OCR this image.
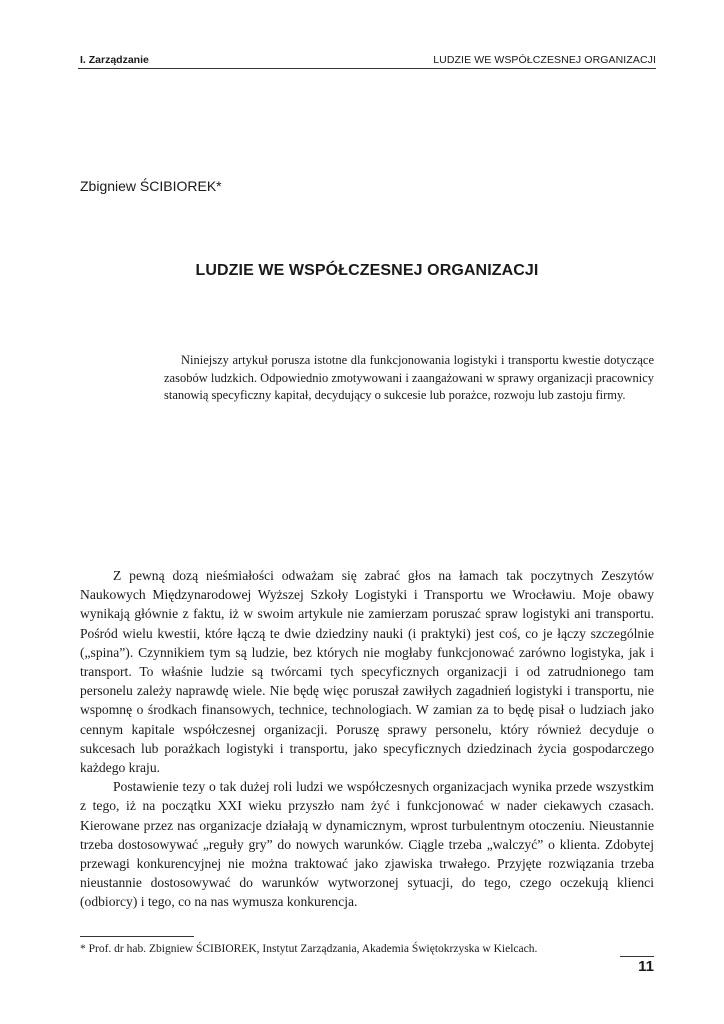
I. Zarządzanie	LUDZIE WE WSPÓŁCZESNEJ ORGANIZACJI
Zbigniew ŚCIBIOREK*
LUDZIE WE WSPÓŁCZESNEJ ORGANIZACJI

Niniejszy artykuł porusza istotne dla funkcjonowania logistyki i transportu kwestie dotyczące zasobów ludzkich. Odpowiednio zmotywowani i zaangażowani w sprawy organizacji pracownicy stanowią specyficzny kapitał, decydujący o sukcesie lub porażce, rozwoju lub zastoju firmy.

Z pewną dozą nieśmiałości odważam się zabrać głos na łamach tak poczytnych Zeszytów Naukowych Międzynarodowej Wyższej Szkoły Logistyki i Transportu we Wrocławiu. Moje obawy wynikają głównie z faktu, iż w swoim artykule nie zamierzam poruszać spraw logistyki ani transportu. Pośród wielu kwestii, które łączą te dwie dziedziny nauki (i praktyki) jest coś, co je łączy szczególnie („spina”). Czynnikiem tym są ludzie, bez których nie mogłaby funkcjonować zarówno logistyka, jak i transport. To właśnie ludzie są twórcami tych specyficznych organizacji i od zatrudnionego tam personelu zależy naprawdę wiele. Nie będę więc poruszał zawiłych zagadnień logistyki i transportu, nie wspomnę o środkach finansowych, technice, technologiach. W zamian za to będę pisał o ludziach jako cennym kapitale współczesnej organizacji. Poruszę sprawy personelu, który również decyduje o sukcesach lub porażkach logistyki i transportu, jako specyficznych dziedzinach życia gospodarczego każdego kraju.

Postawienie tezy o tak dużej roli ludzi we współczesnych organizacjach wynika przede wszystkim z tego, iż na początku XXI wieku przyszło nam żyć i funkcjonować w nader ciekawych czasach. Kierowane przez nas organizacje działają w dynamicznym, wprost turbulentnym otoczeniu. Nieustannie trzeba dostosowywać „reguły gry” do nowych warunków. Ciągle trzeba „walczyć” o klienta. Zdobytej przewagi konkurencyjnej nie można traktować jako zjawiska trwałego. Przyjęte rozwiązania trzeba nieustannie dostosowywać do warunków wytworzonej sytuacji, do tego, czego oczekują klienci (odbiorcy) i tego, co na nas wymusza konkurencja.

* Prof. dr hab. Zbigniew ŚCIBIOREK, Instytut Zarządzania, Akademia Świętokrzyska w Kielcach.
11
